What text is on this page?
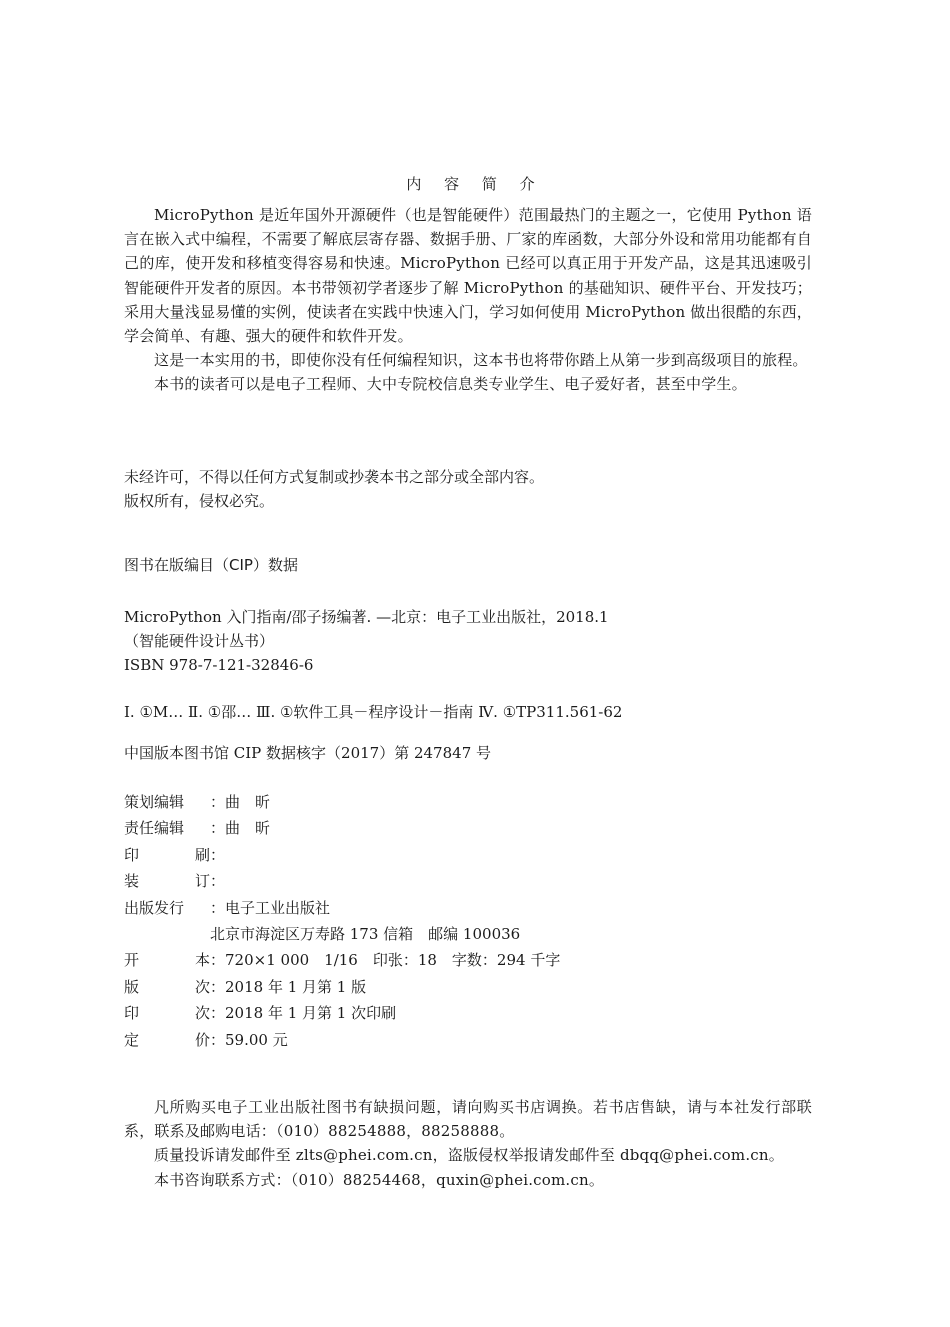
内 容 简 介

MicroPython 是近年国外开源硬件（也是智能硬件）范围最热门的主题之一，它使用 Python 语言在嵌入式中编程，不需要了解底层寄存器、数据手册、厂家的库函数，大部分外设和常用功能都有自己的库，使开发和移植变得容易和快速。MicroPython 已经可以真正用于开发产品，这是其迅速吸引智能硬件开发者的原因。本书带领初学者逐步了解 MicroPython 的基础知识、硬件平台、开发技巧；采用大量浅显易懂的实例，使读者在实践中快速入门，学习如何使用 MicroPython 做出很酷的东西，学会简单、有趣、强大的硬件和软件开发。

这是一本实用的书，即使你没有任何编程知识，这本书也将带你踏上从第一步到高级项目的旅程。

本书的读者可以是电子工程师、大中专院校信息类专业学生、电子爱好者，甚至中学生。

未经许可，不得以任何方式复制或抄袭本书之部分或全部内容。

版权所有，侵权必究。

图书在版编目（CIP）数据

MicroPython 入门指南/邵子扬编著. —北京：电子工业出版社，2018.1

（智能硬件设计丛书）

ISBN 978-7-121-32846-6

Ⅰ. ①M… Ⅱ. ①邵… Ⅲ. ①软件工具－程序设计－指南 Ⅳ. ①TP311.561-62

中国版本图书馆 CIP 数据核字（2017）第 247847 号

策划编辑	： 曲　昕
责任编辑	： 曲　昕
印	刷 ：
装	订 ：
出版发行	： 电子工业出版社
北京市海淀区万寿路 173 信箱　邮编 100036
开	本 ： 720×1 000　1/16　印张：18　字数：294 千字
版	次 ： 2018 年 1 月第 1 版
印	次 ： 2018 年 1 月第 1 次印刷
定	价 ： 59.00 元

凡所购买电子工业出版社图书有缺损问题，请向购买书店调换。若书店售缺，请与本社发行部联系，联系及邮购电话：（010）88254888，88258888。

质量投诉请发邮件至 zlts@phei.com.cn，盗版侵权举报请发邮件至 dbqq@phei.com.cn。

本书咨询联系方式：（010）88254468，quxin@phei.com.cn。
